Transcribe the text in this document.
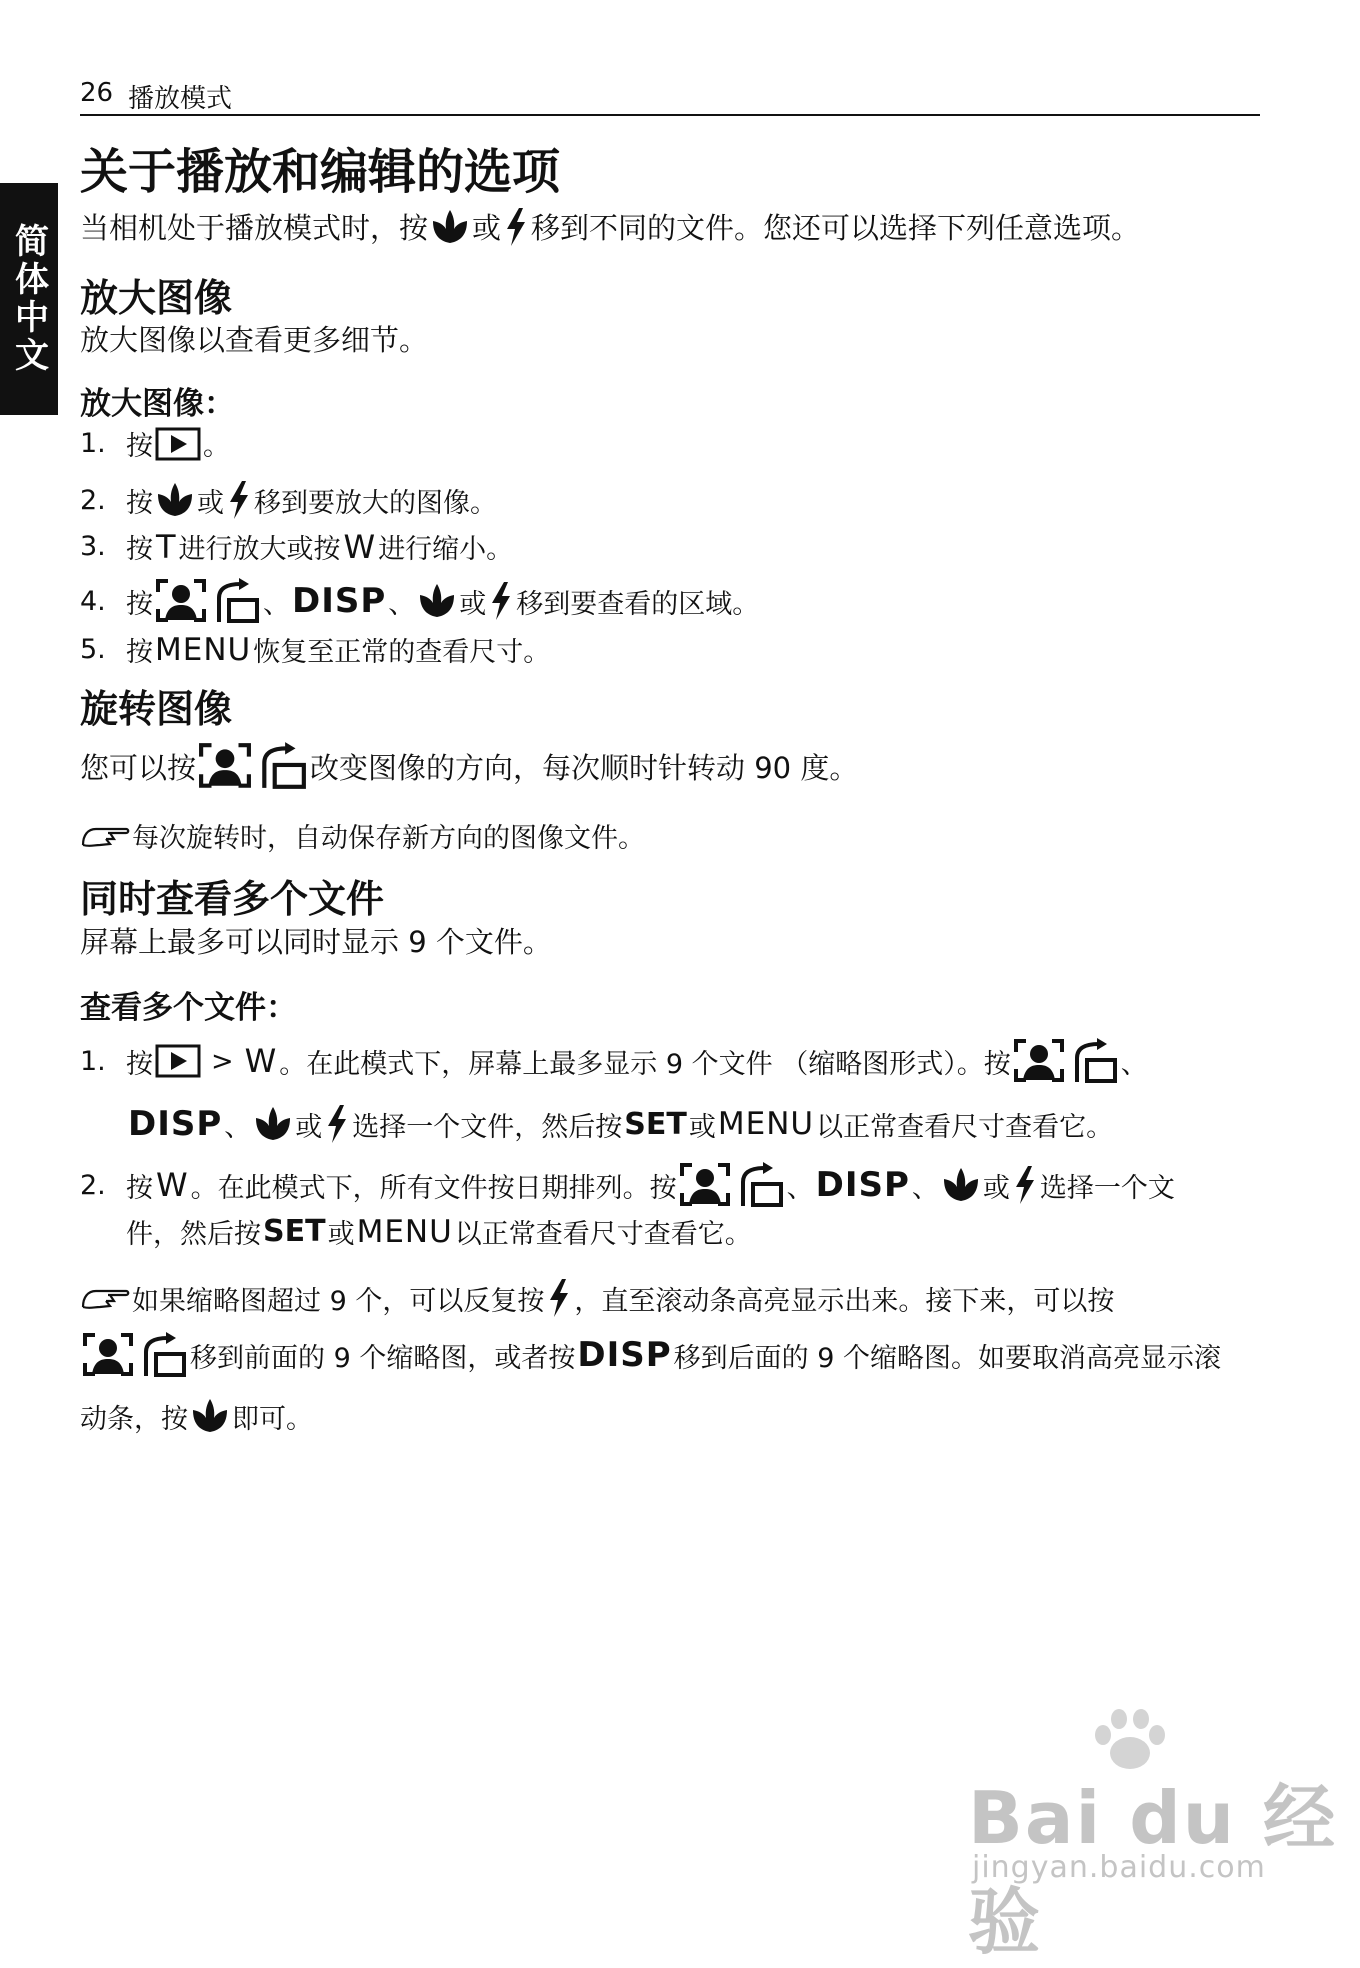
26 播放模式
简体中文
关于播放和编辑的选项
当相机处于播放模式时，按 或 移到不同的文件。您还可以选择下列任意选项。
放大图像
放大图像以查看更多细节。
放大图像：
1. 按 。
2. 按 或 移到要放大的图像。
3. 按 T 进行放大或按 W 进行缩小。
4. 按	、 DISP 、 或 移到要查看的区域。
5. 按 MENU 恢复至正常的查看尺寸。
旋转图像
您可以按	改变图像的方向，每次顺时针转动 90 度。
每次旋转时，自动保存新方向的图像文件。
同时查看多个文件
屏幕上最多可以同时显示 9 个文件。
查看多个文件：
1. 按 > W 。在此模式下，屏幕上最多显示 9 个文件 （缩略图形式）。按	、
DISP 、 或 选择一个文件，然后按 SET 或 MENU 以正常查看尺寸查看它。
2. 按 W 。在此模式下，所有文件按日期排列。按	、 DISP 、 或 选择一个文
件，然后按 SET 或 MENU 以正常查看尺寸查看它。
如果缩略图超过 9 个，可以反复按 ，直至滚动条高亮显示出来。接下来，可以按
移到前面的 9 个缩略图，或者按 DISP 移到后面的 9 个缩略图。如要取消高亮显示滚
动条，按 即可。
Bai du 经验
jingyan.baidu.com
